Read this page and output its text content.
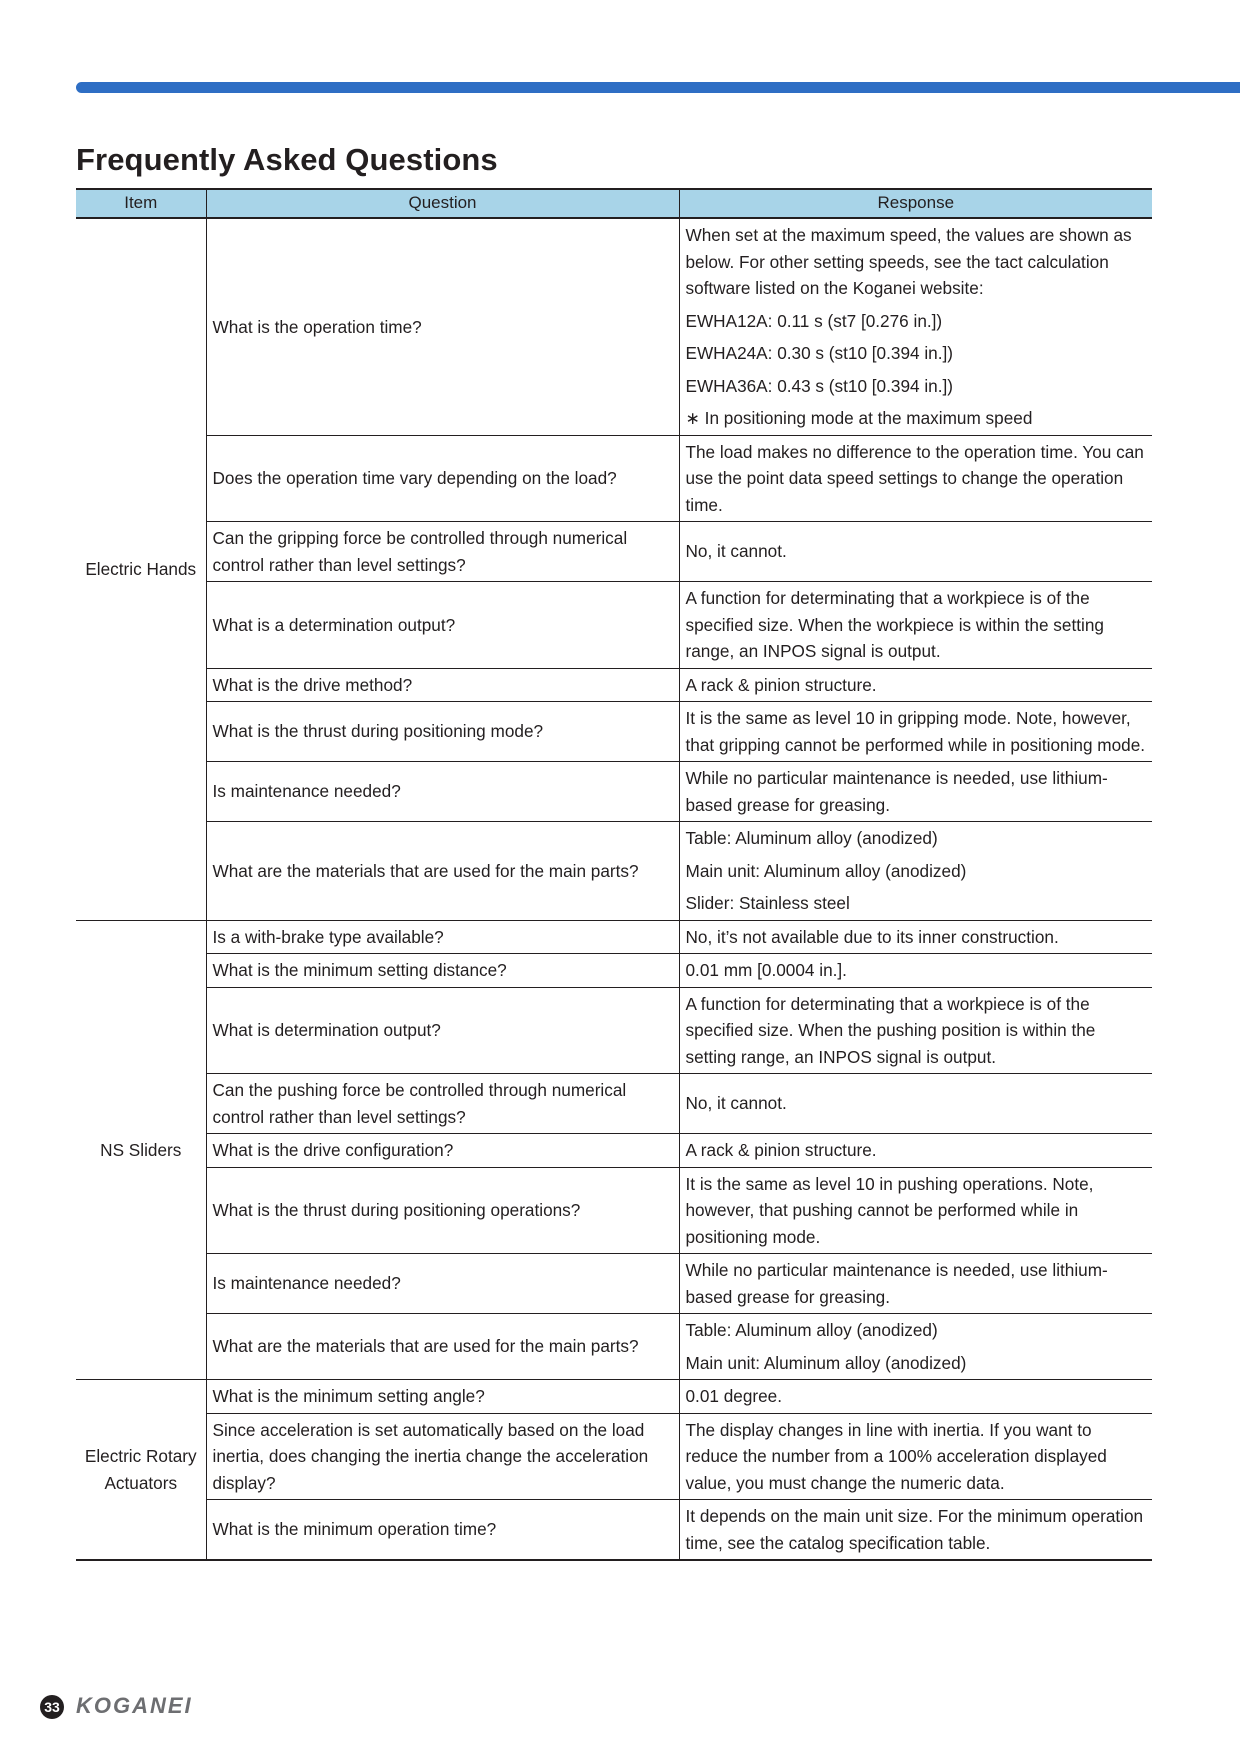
Frequently Asked Questions
Item	Question	Response

Electric Hands	What is the operation time?	When set at the maximum speed, the values are shown as below. For other setting speeds, see the tact calculation software listed on the Koganei website:
EWHA12A: 0.11 s (st7 [0.276 in.])
EWHA24A: 0.30 s (st10 [0.394 in.])
EWHA36A: 0.43 s (st10 [0.394 in.])
∗ In positioning mode at the maximum speed

	Does the operation time vary depending on the load?	The load makes no difference to the operation time. You can use the point data speed settings to change the operation time.

	Can the gripping force be controlled through numerical control rather than level settings?	No, it cannot.

	What is a determination output?	A function for determinating that a workpiece is of the specified size. When the workpiece is within the setting range, an INPOS signal is output.

	What is the drive method?	A rack & pinion structure.

	What is the thrust during positioning mode?	It is the same as level 10 in gripping mode. Note, however, that gripping cannot be performed while in positioning mode.

	Is maintenance needed?	While no particular maintenance is needed, use lithium-based grease for greasing.

	What are the materials that are used for the main parts?	Table: Aluminum alloy (anodized)
Main unit: Aluminum alloy (anodized)
Slider: Stainless steel

NS Sliders	Is a with-brake type available?	No, it’s not available due to its inner construction.

	What is the minimum setting distance?	0.01 mm [0.0004 in.].

	What is determination output?	A function for determinating that a workpiece is of the specified size. When the pushing position is within the setting range, an INPOS signal is output.

	Can the pushing force be controlled through numerical control rather than level settings?	No, it cannot.

	What is the drive configuration?	A rack & pinion structure.

	What is the thrust during positioning operations?	It is the same as level 10 in pushing operations. Note, however, that pushing cannot be performed while in positioning mode.

	Is maintenance needed?	While no particular maintenance is needed, use lithium-based grease for greasing.

	What are the materials that are used for the main parts?	Table: Aluminum alloy (anodized)
Main unit: Aluminum alloy (anodized)

Electric Rotary
Actuators	What is the minimum setting angle?	0.01 degree.

	Since acceleration is set automatically based on the load inertia, does changing the inertia change the acceleration display?	The display changes in line with inertia. If you want to reduce the number from a 100% acceleration displayed value, you must change the numeric data.

	What is the minimum operation time?	It depends on the main unit size. For the minimum operation time, see the catalog specification table.
33 KOGANEI
